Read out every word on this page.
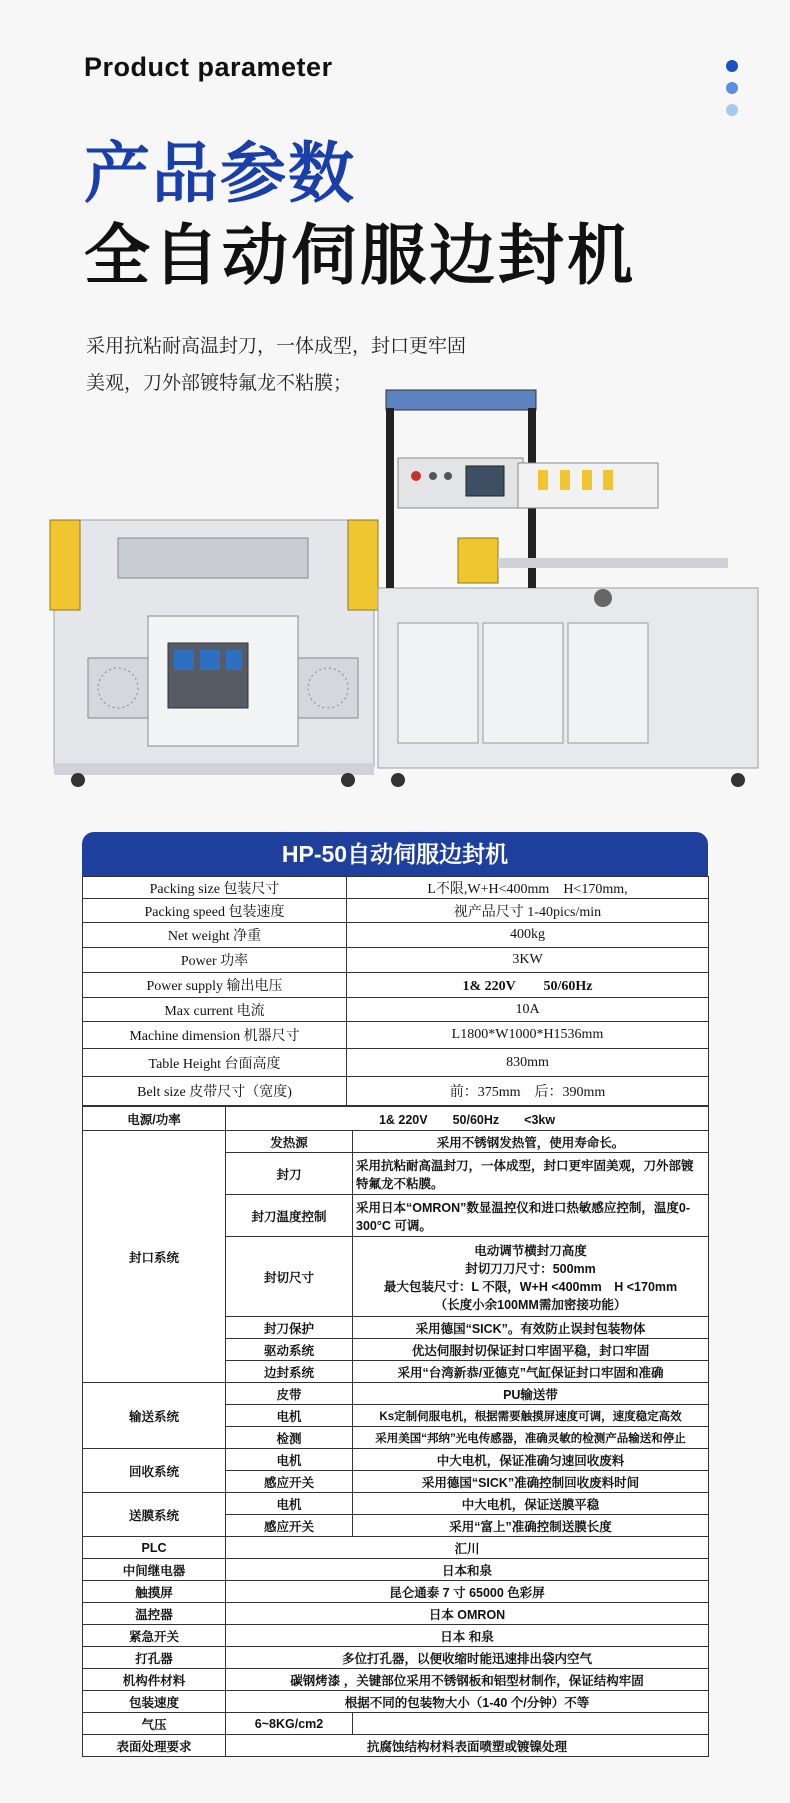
Product parameter
产品参数
全自动伺服边封机
采用抗粘耐高温封刀，一体成型，封口更牢固
美观，刀外部镀特氟龙不粘膜；
HP-50自动伺服边封机
Packing size 包装尺寸	L不限,W+H<400mm　H<170mm,
Packing speed 包装速度	视产品尺寸 1-40pics/min
Net weight 净重	400kg
Power 功率	3KW
Power supply 输出电压	1& 220V　　50/60Hz
Max current 电流	10A
Machine dimension 机器尺寸	L1800*W1000*H1536mm
Table Height 台面高度	830mm
Belt size 皮带尺寸（宽度)	前：375mm　后：390mm
电源/功率	1& 220V　　50/60Hz　　<3kw	
封口系统	发热源	采用不锈钢发热管，使用寿命长。
	封刀	采用抗粘耐高温封刀，一体成型，封口更牢固美观，刀外部镀特氟龙不粘膜。
	封刀温度控制	采用日本“OMRON”数显温控仪和进口热敏感应控制，温度0-300°C 可调。
	封切尺寸	电动调节横封刀高度
封切刀刀尺寸：500mm
最大包装尺寸：L 不限，W+H <400mm　H <170mm
（长度小余100MM需加密接功能）

	封刀保护	采用德国“SICK”。有效防止误封包装物体
	驱动系统	优达伺服封切保证封口牢固平稳，封口牢固
	边封系统	采用“台湾新恭/亚德克”气缸保证封口牢固和准确
输送系统	皮带	PU输送带
	电机	Ks定制伺服电机，根据需要触摸屏速度可调，速度稳定高效
	检测	采用美国“邦纳”光电传感器，准确灵敏的检测产品输送和停止
回收系统	电机	中大电机，保证准确匀速回收废料
	感应开关	采用德国“SICK”准确控制回收废料时间
送膜系统	电机	中大电机，保证送膜平稳
	感应开关	采用“富上”准确控制送膜长度
PLC	汇川	
中间继电器	日本和泉	
触摸屏	昆仑通泰 7 寸 65000 色彩屏	
温控器	日本 OMRON	
紧急开关	日本 和泉	
打孔器	多位打孔器，以便收缩时能迅速排出袋内空气	
机构件材料	碳钢烤漆 ，关键部位采用不锈钢板和铝型材制作，保证结构牢固	
包装速度	根据不同的包装物大小（1-40 个/分钟）不等	
气压	6~8KG/cm2	
表面处理要求	抗腐蚀结构材料表面喷塑或镀镍处理	
